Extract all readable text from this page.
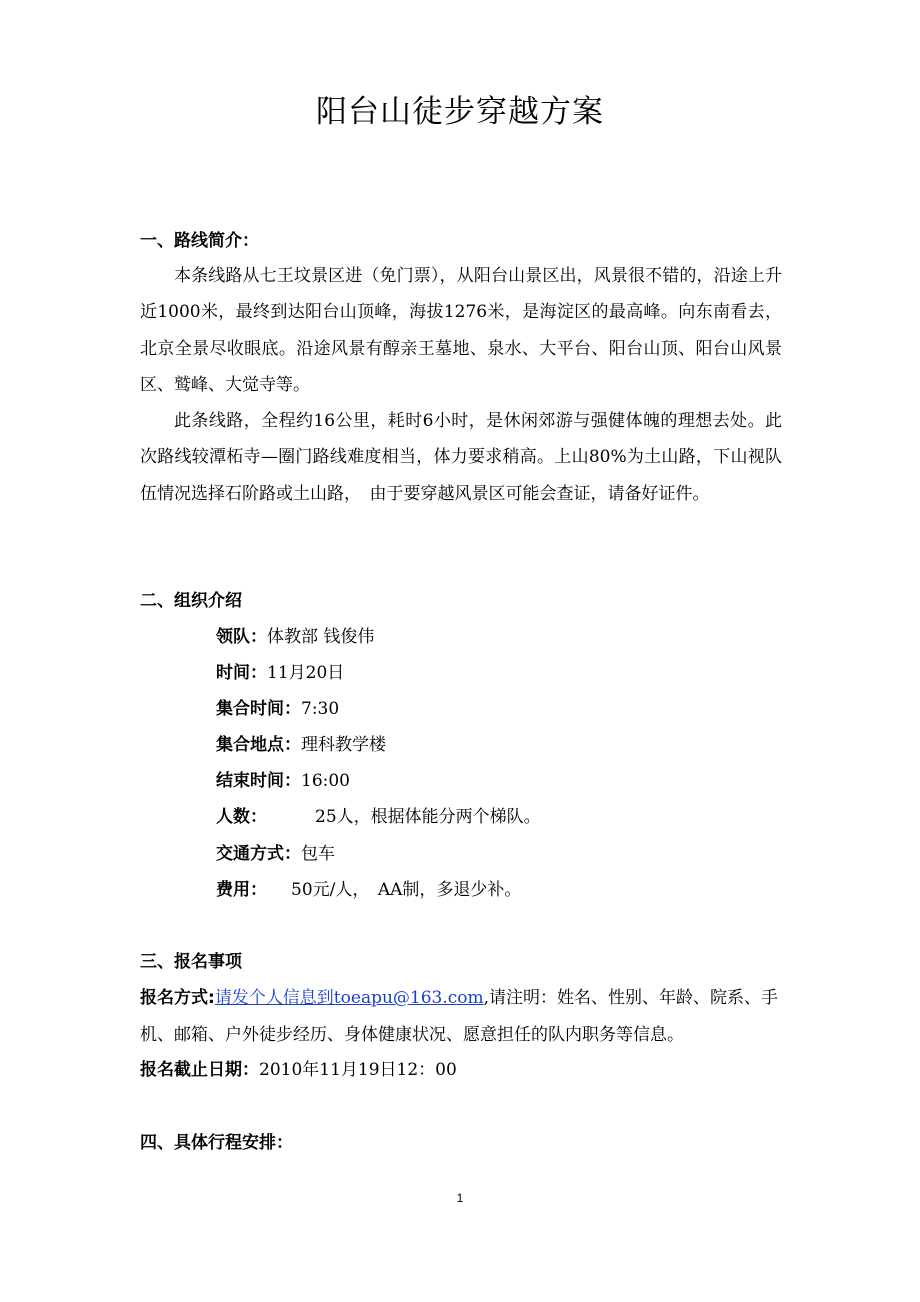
阳台山徒步穿越方案
一、路线简介：
本条线路从七王坟景区进（免门票），从阳台山景区出，风景很不错的，沿途上升近1000米，最终到达阳台山顶峰，海拔1276米，是海淀区的最高峰。向东南看去，北京全景尽收眼底。沿途风景有醇亲王墓地、泉水、大平台、阳台山顶、阳台山风景区、鹫峰、大觉寺等。
此条线路，全程约16公里，耗时6小时，是休闲郊游与强健体魄的理想去处。此次路线较潭柘寺—圈门路线难度相当，体力要求稍高。上山80%为土山路，下山视队伍情况选择石阶路或土山路，　由于要穿越风景区可能会查证，请备好证件。
二、组织介绍
领队：体教部 钱俊伟
时间：11月20日
集合时间：7:30
集合地点：理科教学楼
结束时间：16:00
人数：	25人，根据体能分两个梯队。
交通方式：包车
费用： 50元/人，　AA制，多退少补。
三、报名事项
报名方式:请发个人信息到toeapu@163.com,请注明：姓名、性别、年龄、院系、手机、邮箱、户外徒步经历、身体健康状况、愿意担任的队内职务等信息。
报名截止日期：2010年11月19日12：00
四、具体行程安排：
1
